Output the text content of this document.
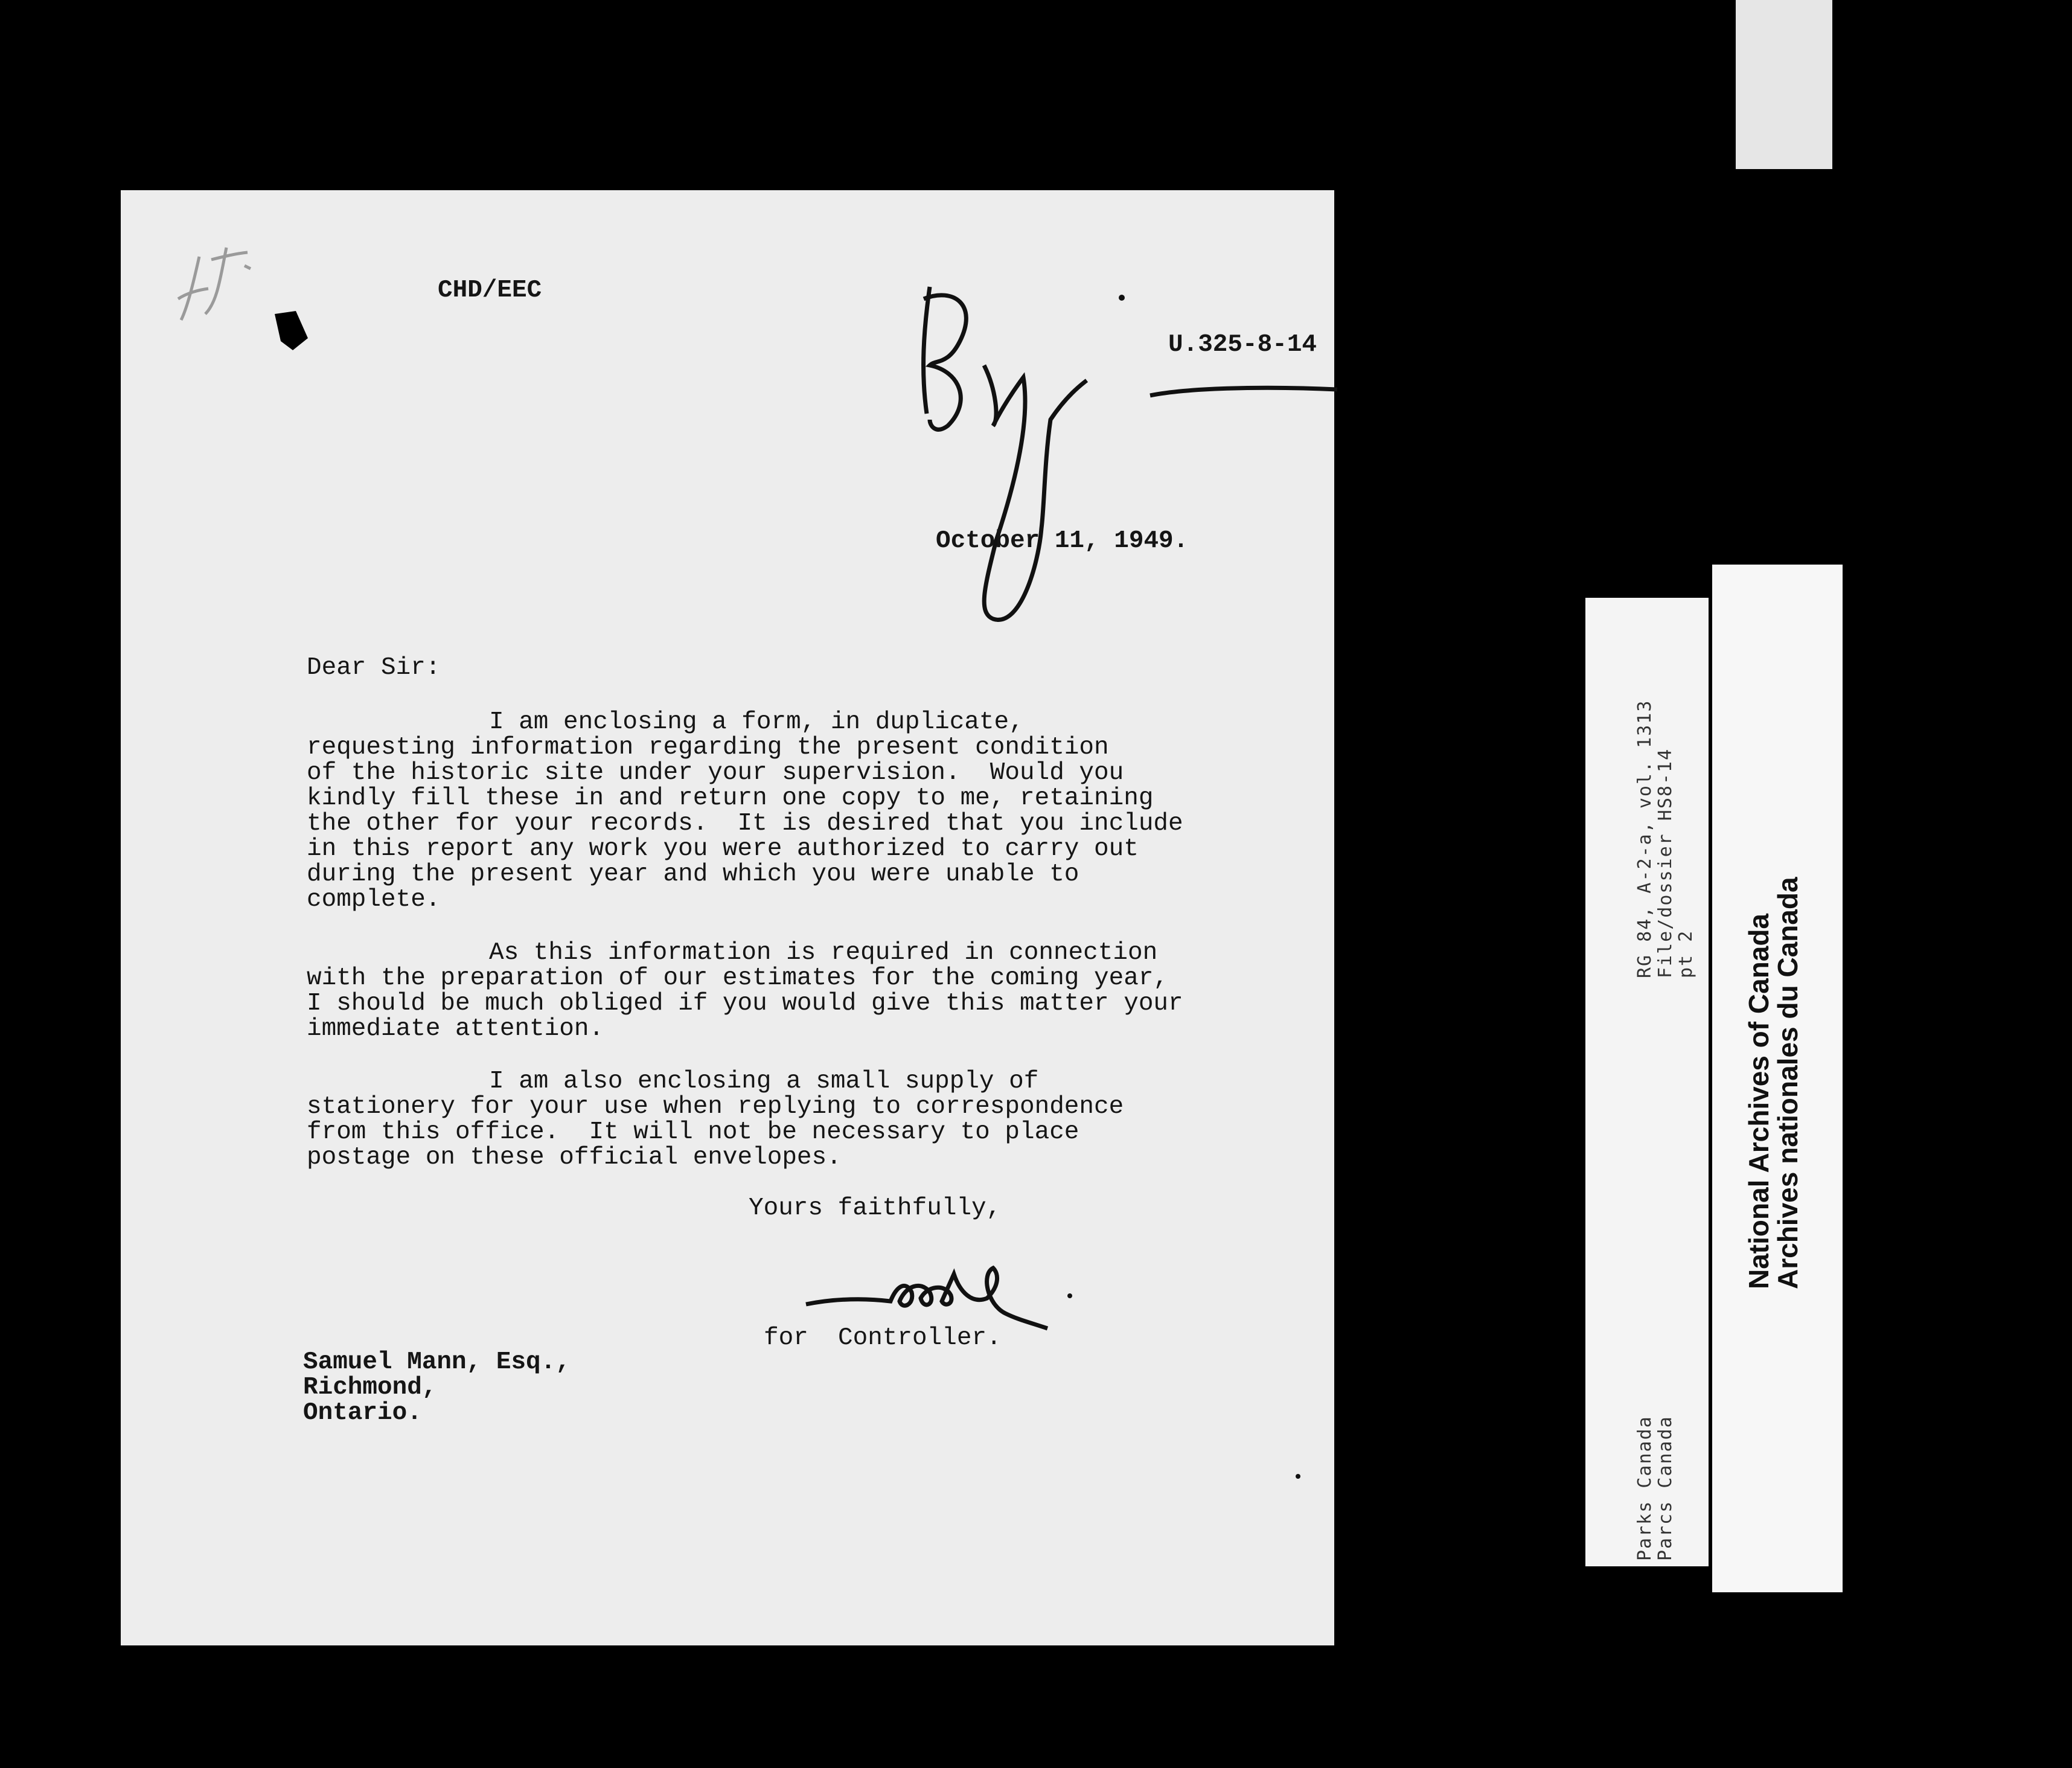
CHD/EEC
U.325-8-14
October 11, 1949.
Dear Sir:
I am enclosing a form, in duplicate,
requesting information regarding the present condition
of the historic site under your supervision.  Would you
kindly fill these in and return one copy to me, retaining
the other for your records.  It is desired that you include
in this report any work you were authorized to carry out
during the present year and which you were unable to
complete.
As this information is required in connection
with the preparation of our estimates for the coming year,
I should be much obliged if you would give this matter your
immediate attention.
I am also enclosing a small supply of
stationery for your use when replying to correspondence
from this office.  It will not be necessary to place
postage on these official envelopes.
Yours faithfully,
for  Controller.
Samuel Mann, Esq.,
Richmond,
Ontario.
RG 84, A-2-a, vol. 1313 File/dossier HS8-14 pt 2
Parks Canada Parcs Canada
National Archives of Canada
Archives nationales du Canada
